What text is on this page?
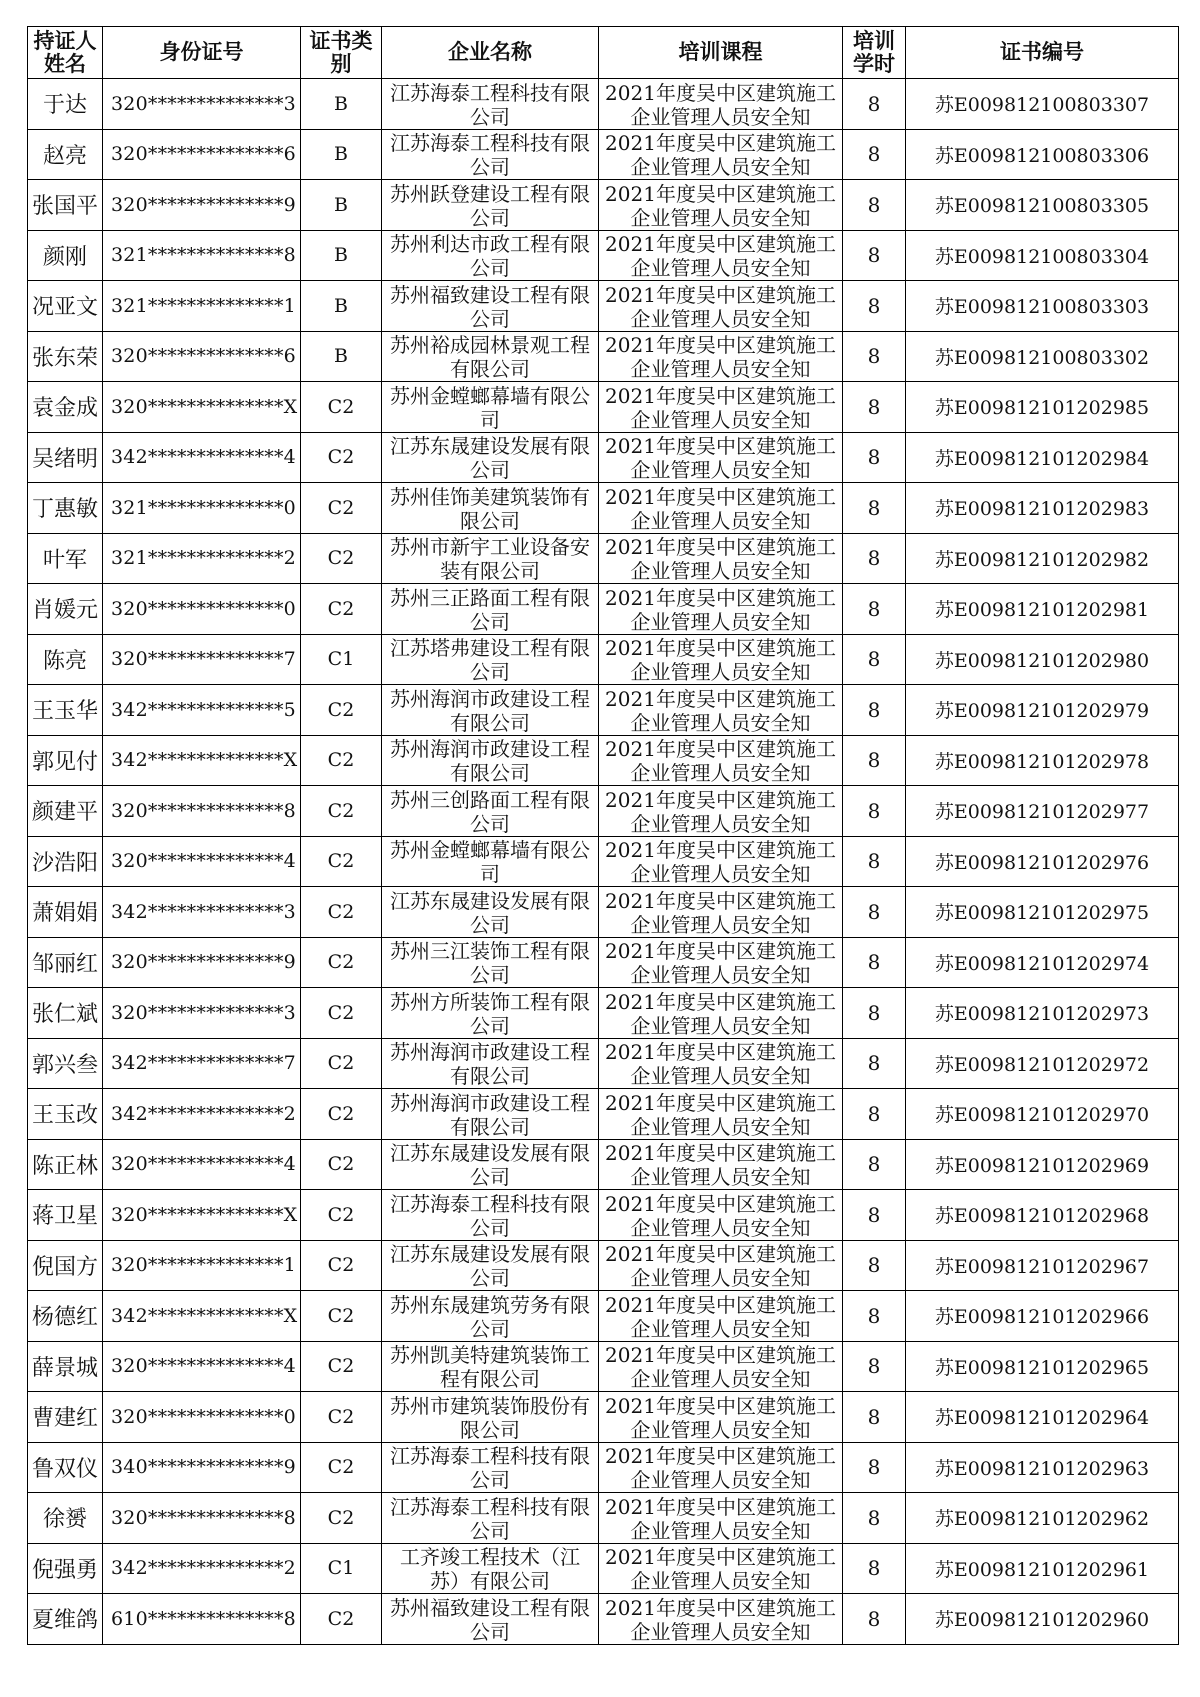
持证人姓名	身份证号	证书类别	企业名称	培训课程	培训学时	证书编号
于达	320**************3	B	江苏海泰工程科技有限公司	2021年度吴中区建筑施工企业管理人员安全知	8	苏E009812100803307
赵亮	320**************6	B	江苏海泰工程科技有限公司	2021年度吴中区建筑施工企业管理人员安全知	8	苏E009812100803306
张国平	320**************9	B	苏州跃登建设工程有限公司	2021年度吴中区建筑施工企业管理人员安全知	8	苏E009812100803305
颜刚	321**************8	B	苏州利达市政工程有限公司	2021年度吴中区建筑施工企业管理人员安全知	8	苏E009812100803304
况亚文	321**************1	B	苏州福致建设工程有限公司	2021年度吴中区建筑施工企业管理人员安全知	8	苏E009812100803303
张东荣	320**************6	B	苏州裕成园林景观工程有限公司	2021年度吴中区建筑施工企业管理人员安全知	8	苏E009812100803302
袁金成	320**************X	C2	苏州金螳螂幕墙有限公司	2021年度吴中区建筑施工企业管理人员安全知	8	苏E009812101202985
吴绪明	342**************4	C2	江苏东晟建设发展有限公司	2021年度吴中区建筑施工企业管理人员安全知	8	苏E009812101202984
丁惠敏	321**************0	C2	苏州佳饰美建筑装饰有限公司	2021年度吴中区建筑施工企业管理人员安全知	8	苏E009812101202983
叶军	321**************2	C2	苏州市新宇工业设备安装有限公司	2021年度吴中区建筑施工企业管理人员安全知	8	苏E009812101202982
肖媛元	320**************0	C2	苏州三正路面工程有限公司	2021年度吴中区建筑施工企业管理人员安全知	8	苏E009812101202981
陈亮	320**************7	C1	江苏塔弗建设工程有限公司	2021年度吴中区建筑施工企业管理人员安全知	8	苏E009812101202980
王玉华	342**************5	C2	苏州海润市政建设工程有限公司	2021年度吴中区建筑施工企业管理人员安全知	8	苏E009812101202979
郭见付	342**************X	C2	苏州海润市政建设工程有限公司	2021年度吴中区建筑施工企业管理人员安全知	8	苏E009812101202978
颜建平	320**************8	C2	苏州三创路面工程有限公司	2021年度吴中区建筑施工企业管理人员安全知	8	苏E009812101202977
沙浩阳	320**************4	C2	苏州金螳螂幕墙有限公司	2021年度吴中区建筑施工企业管理人员安全知	8	苏E009812101202976
萧娟娟	342**************3	C2	江苏东晟建设发展有限公司	2021年度吴中区建筑施工企业管理人员安全知	8	苏E009812101202975
邹丽红	320**************9	C2	苏州三江装饰工程有限公司	2021年度吴中区建筑施工企业管理人员安全知	8	苏E009812101202974
张仁斌	320**************3	C2	苏州方所装饰工程有限公司	2021年度吴中区建筑施工企业管理人员安全知	8	苏E009812101202973
郭兴叁	342**************7	C2	苏州海润市政建设工程有限公司	2021年度吴中区建筑施工企业管理人员安全知	8	苏E009812101202972
王玉改	342**************2	C2	苏州海润市政建设工程有限公司	2021年度吴中区建筑施工企业管理人员安全知	8	苏E009812101202970
陈正林	320**************4	C2	江苏东晟建设发展有限公司	2021年度吴中区建筑施工企业管理人员安全知	8	苏E009812101202969
蒋卫星	320**************X	C2	江苏海泰工程科技有限公司	2021年度吴中区建筑施工企业管理人员安全知	8	苏E009812101202968
倪国方	320**************1	C2	江苏东晟建设发展有限公司	2021年度吴中区建筑施工企业管理人员安全知	8	苏E009812101202967
杨德红	342**************X	C2	苏州东晟建筑劳务有限公司	2021年度吴中区建筑施工企业管理人员安全知	8	苏E009812101202966
薛景城	320**************4	C2	苏州凯美特建筑装饰工程有限公司	2021年度吴中区建筑施工企业管理人员安全知	8	苏E009812101202965
曹建红	320**************0	C2	苏州市建筑装饰股份有限公司	2021年度吴中区建筑施工企业管理人员安全知	8	苏E009812101202964
鲁双仪	340**************9	C2	江苏海泰工程科技有限公司	2021年度吴中区建筑施工企业管理人员安全知	8	苏E009812101202963
徐赟	320**************8	C2	江苏海泰工程科技有限公司	2021年度吴中区建筑施工企业管理人员安全知	8	苏E009812101202962
倪强勇	342**************2	C1	工齐竣工程技术（江苏）有限公司	2021年度吴中区建筑施工企业管理人员安全知	8	苏E009812101202961
夏维鸽	610**************8	C2	苏州福致建设工程有限公司	2021年度吴中区建筑施工企业管理人员安全知	8	苏E009812101202960
